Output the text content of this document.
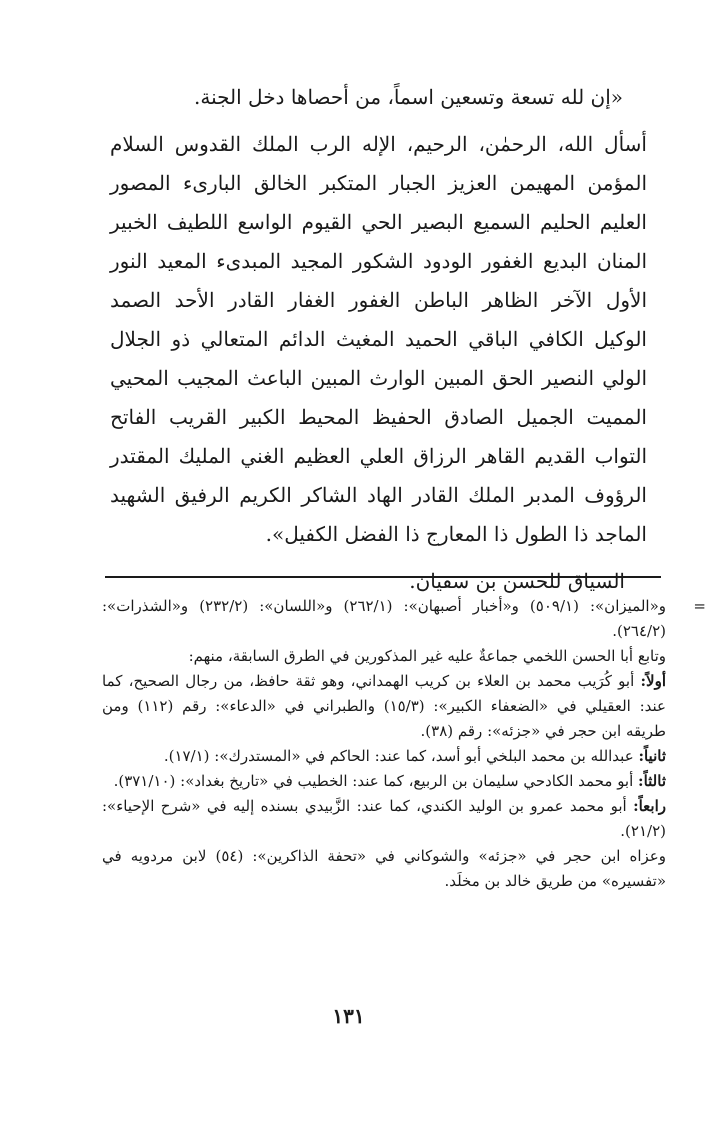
«إن لله تسعة وتسعين اسماً، من أحصاها دخل الجنة.

أسأل الله، الرحمٰن، الرحيم، الإله الرب الملك القدوس السلام المؤمن المهيمن العزيز الجبار المتكبر الخالق البارىء المصور العليم الحليم السميع البصير الحي القيوم الواسع اللطيف الخبير المنان البديع الغفور الودود الشكور المجيد المبدىء المعيد النور الأول الآخر الظاهر الباطن الغفور الغفار القادر الأحد الصمد الوكيل الكافي الباقي الحميد المغيث الدائم المتعالي ذو الجلال الولي النصير الحق المبين الوارث المبين الباعث المجيب المحيي المميت الجميل الصادق الحفيظ المحيط الكبير القريب الفاتح التواب القديم القاهر الرزاق العلي العظيم الغني المليك المقتدر الرؤوف المدبر الملك القادر الهاد الشاكر الكريم الرفيق الشهيد الماجد ذا الطول ذا المعارج ذا الفضل الكفيل».

السياق للحسن بن سفيان.

=
و«الميزان»: (٥٠٩/١) و«أخبار أصبهان»: (٢٦٢/١) و«اللسان»: (٢٣٢/٢) و«الشذرات»: (٢٦٤/٢).

وتابع أبا الحسن اللخمي جماعةٌ عليه غير المذكورين في الطرق السابقة، منهم:

أولاً: أبو كُرَيب محمد بن العلاء بن كريب الهمداني، وهو ثقة حافظ، من رجال الصحيح، كما عند: العقيلي في «الضعفاء الكبير»: (١٥/٣) والطبراني في «الدعاء»: رقم (١١٢) ومن طريقه ابن حجر في «جزئه»: رقم (٣٨).

ثانياً: عبدالله بن محمد البلخي أبو أسد، كما عند: الحاكم في «المستدرك»: (١٧/١).

ثالثاً: أبو محمد الكادحي سليمان بن الربيع، كما عند: الخطيب في «تاريخ بغداد»: (٣٧١/١٠).

رابعاً: أبو محمد عمرو بن الوليد الكندي، كما عند: الزَّبيدي بسنده إليه في «شرح الإحياء»: (٢١/٢).

وعزاه ابن حجر في «جزئه» والشوكاني في «تحفة الذاكرين»: (٥٤) لابن مردويه في «تفسيره» من طريق خالد بن مخلَد.

١٣١
